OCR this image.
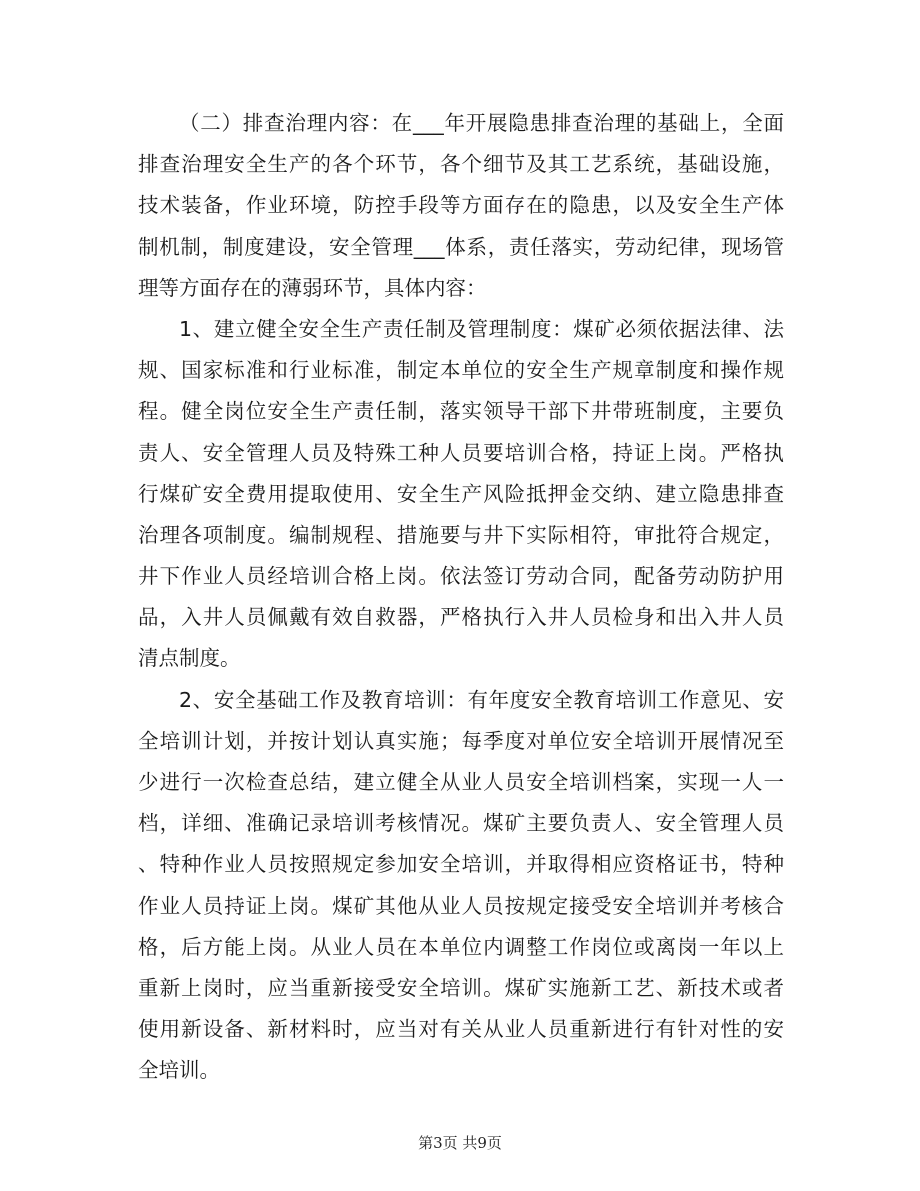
（二）排查治理内容：在___年开展隐患排查治理的基础上，全面
排查治理安全生产的各个环节，各个细节及其工艺系统，基础设施，
技术装备，作业环境，防控手段等方面存在的隐患，以及安全生产体
制机制，制度建设，安全管理___体系，责任落实，劳动纪律，现场管
理等方面存在的薄弱环节，具体内容：
1、建立健全安全生产责任制及管理制度：煤矿必须依据法律、法
规、国家标准和行业标准，制定本单位的安全生产规章制度和操作规
程。健全岗位安全生产责任制，落实领导干部下井带班制度，主要负
责人、安全管理人员及特殊工种人员要培训合格，持证上岗。严格执
行煤矿安全费用提取使用、安全生产风险抵押金交纳、建立隐患排查
治理各项制度。编制规程、措施要与井下实际相符，审批符合规定，
井下作业人员经培训合格上岗。依法签订劳动合同，配备劳动防护用
品，入井人员佩戴有效自救器，严格执行入井人员检身和出入井人员
清点制度。
2、安全基础工作及教育培训：有年度安全教育培训工作意见、安
全培训计划，并按计划认真实施；每季度对单位安全培训开展情况至
少进行一次检查总结，建立健全从业人员安全培训档案，实现一人一
档，详细、准确记录培训考核情况。煤矿主要负责人、安全管理人员
、特种作业人员按照规定参加安全培训，并取得相应资格证书，特种
作业人员持证上岗。煤矿其他从业人员按规定接受安全培训并考核合
格，后方能上岗。从业人员在本单位内调整工作岗位或离岗一年以上
重新上岗时，应当重新接受安全培训。煤矿实施新工艺、新技术或者
使用新设备、新材料时，应当对有关从业人员重新进行有针对性的安
全培训。
第3页 共9页
